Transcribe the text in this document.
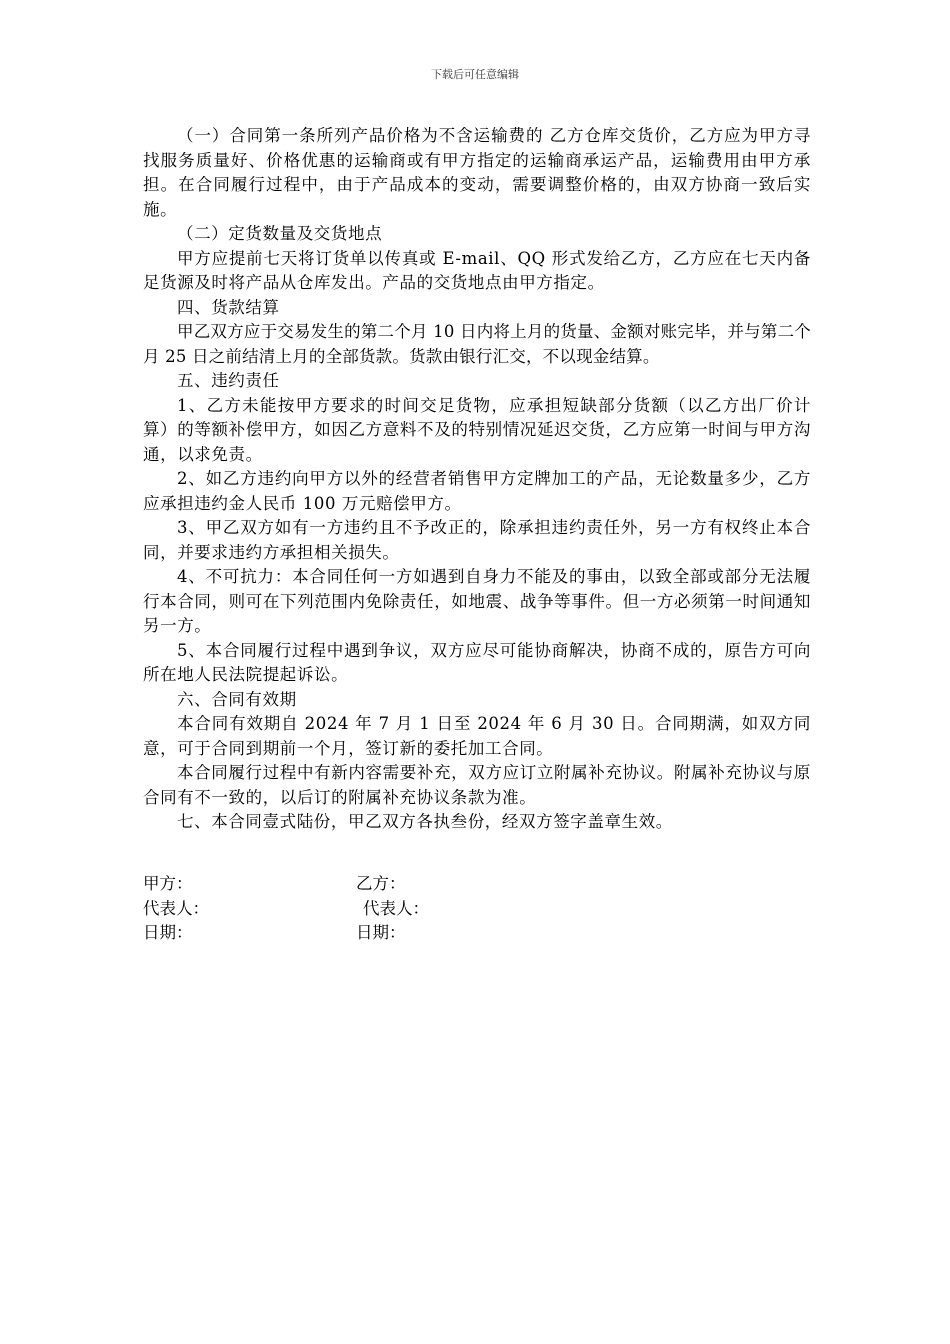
下载后可任意编辑

（一）合同第一条所列产品价格为不含运输费的 乙方仓库交货价，乙方应为甲方寻找服务质量好、价格优惠的运输商或有甲方指定的运输商承运产品，运输费用由甲方承担。在合同履行过程中，由于产品成本的变动，需要调整价格的，由双方协商一致后实施。

（二）定货数量及交货地点

甲方应提前七天将订货单以传真或 E-mail、QQ 形式发给乙方，乙方应在七天内备足货源及时将产品从仓库发出。产品的交货地点由甲方指定。

四、货款结算

甲乙双方应于交易发生的第二个月 10 日内将上月的货量、金额对账完毕，并与第二个月 25 日之前结清上月的全部货款。货款由银行汇交，不以现金结算。

五、违约责任

1、乙方未能按甲方要求的时间交足货物，应承担短缺部分货额（以乙方出厂价计算）的等额补偿甲方，如因乙方意料不及的特别情况延迟交货，乙方应第一时间与甲方沟通，以求免责。

2、如乙方违约向甲方以外的经营者销售甲方定牌加工的产品，无论数量多少，乙方应承担违约金人民币 100 万元赔偿甲方。

3、甲乙双方如有一方违约且不予改正的，除承担违约责任外，另一方有权终止本合同，并要求违约方承担相关损失。

4、不可抗力：本合同任何一方如遇到自身力不能及的事由，以致全部或部分无法履行本合同，则可在下列范围内免除责任，如地震、战争等事件。但一方必须第一时间通知另一方。

5、本合同履行过程中遇到争议，双方应尽可能协商解决，协商不成的，原告方可向所在地人民法院提起诉讼。

六、合同有效期

本合同有效期自 2024 年 7 月 1 日至 2024 年 6 月 30 日。合同期满，如双方同意，可于合同到期前一个月，签订新的委托加工合同。

本合同履行过程中有新内容需要补充，双方应订立附属补充协议。附属补充协议与原合同有不一致的，以后订的附属补充协议条款为准。

七、本合同壹式陆份，甲乙双方各执叁份，经双方签字盖章生效。

甲方：	乙方：
代表人：	代表人：
日期：	日期：
